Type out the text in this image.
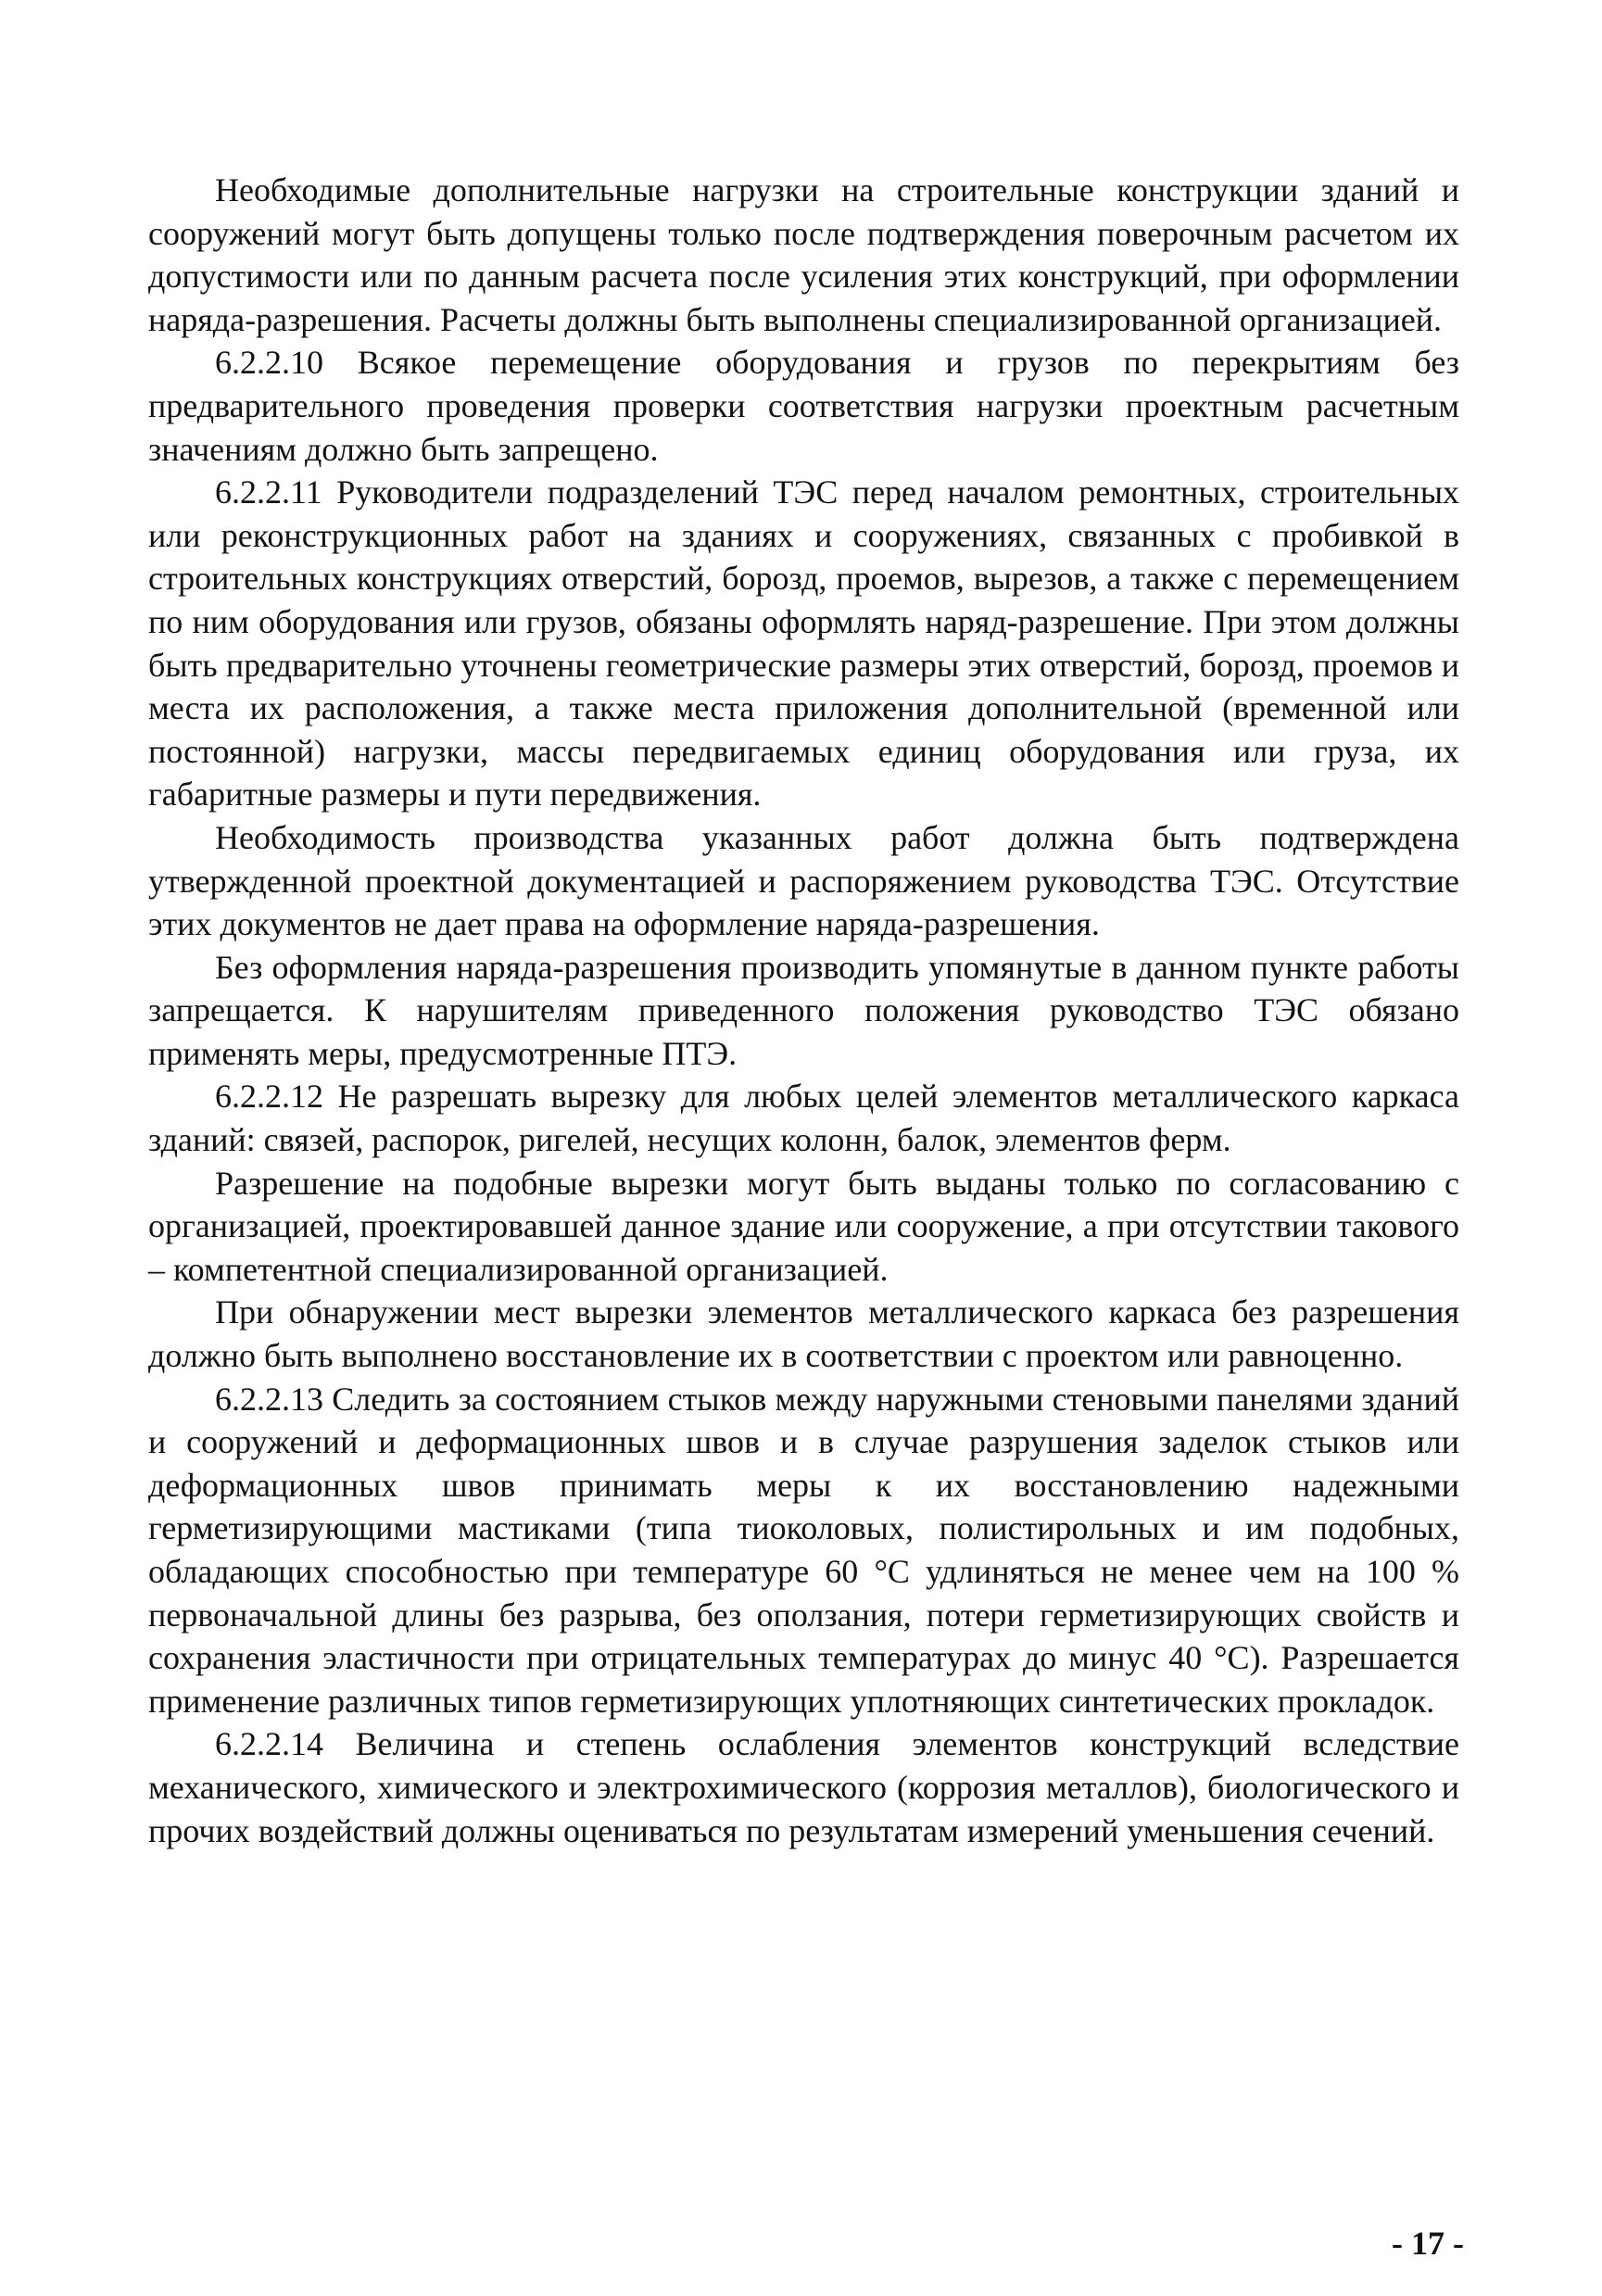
Необходимые дополнительные нагрузки на строительные конструкции зданий и сооружений могут быть допущены только после подтверждения поверочным расчетом их допустимости или по данным расчета после усиления этих конструкций, при оформлении наряда-разрешения. Расчеты должны быть выполнены специализированной организацией.

6.2.2.10 Всякое перемещение оборудования и грузов по перекрытиям без предварительного проведения проверки соответствия нагрузки проектным расчетным значениям должно быть запрещено.

6.2.2.11 Руководители подразделений ТЭС перед началом ремонтных, строительных или реконструкционных работ на зданиях и сооружениях, связанных с пробивкой в строительных конструкциях отверстий, борозд, проемов, вырезов, а также с перемещением по ним оборудования или грузов, обязаны оформлять наряд-разрешение. При этом должны быть предварительно уточнены геометрические размеры этих отверстий, борозд, проемов и места их расположения, а также места приложения дополнительной (временной или постоянной) нагрузки, массы передвигаемых единиц оборудования или груза, их габаритные размеры и пути передвижения.

Необходимость производства указанных работ должна быть подтверждена утвержденной проектной документацией и распоряжением руководства ТЭС. Отсутствие этих документов не дает права на оформление наряда-разрешения.

Без оформления наряда-разрешения производить упомянутые в данном пункте работы запрещается. К нарушителям приведенного положения руководство ТЭС обязано применять меры, предусмотренные ПТЭ.

6.2.2.12 Не разрешать вырезку для любых целей элементов металлического каркаса зданий: связей, распорок, ригелей, несущих колонн, балок, элементов ферм.

Разрешение на подобные вырезки могут быть выданы только по согласованию с организацией, проектировавшей данное здание или сооружение, а при отсутствии такового – компетентной специализированной организацией.

При обнаружении мест вырезки элементов металлического каркаса без разрешения должно быть выполнено восстановление их в соответствии с проектом или равноценно.

6.2.2.13 Следить за состоянием стыков между наружными стеновыми панелями зданий и сооружений и деформационных швов и в случае разрушения заделок стыков или деформационных швов принимать меры к их восстановлению надежными герметизирующими мастиками (типа тиоколовых, полистирольных и им подобных, обладающих способностью при температуре 60 °С удлиняться не менее чем на 100 % первоначальной длины без разрыва, без оползания, потери герметизирующих свойств и сохранения эластичности при отрицательных температурах до минус 40 °С). Разрешается применение различных типов герметизирующих уплотняющих синтетических прокладок.

6.2.2.14 Величина и степень ослабления элементов конструкций вследствие механического, химического и электрохимического (коррозия металлов), биологического и прочих воздействий должны оцениваться по результатам измерений уменьшения сечений.

- 17 -
